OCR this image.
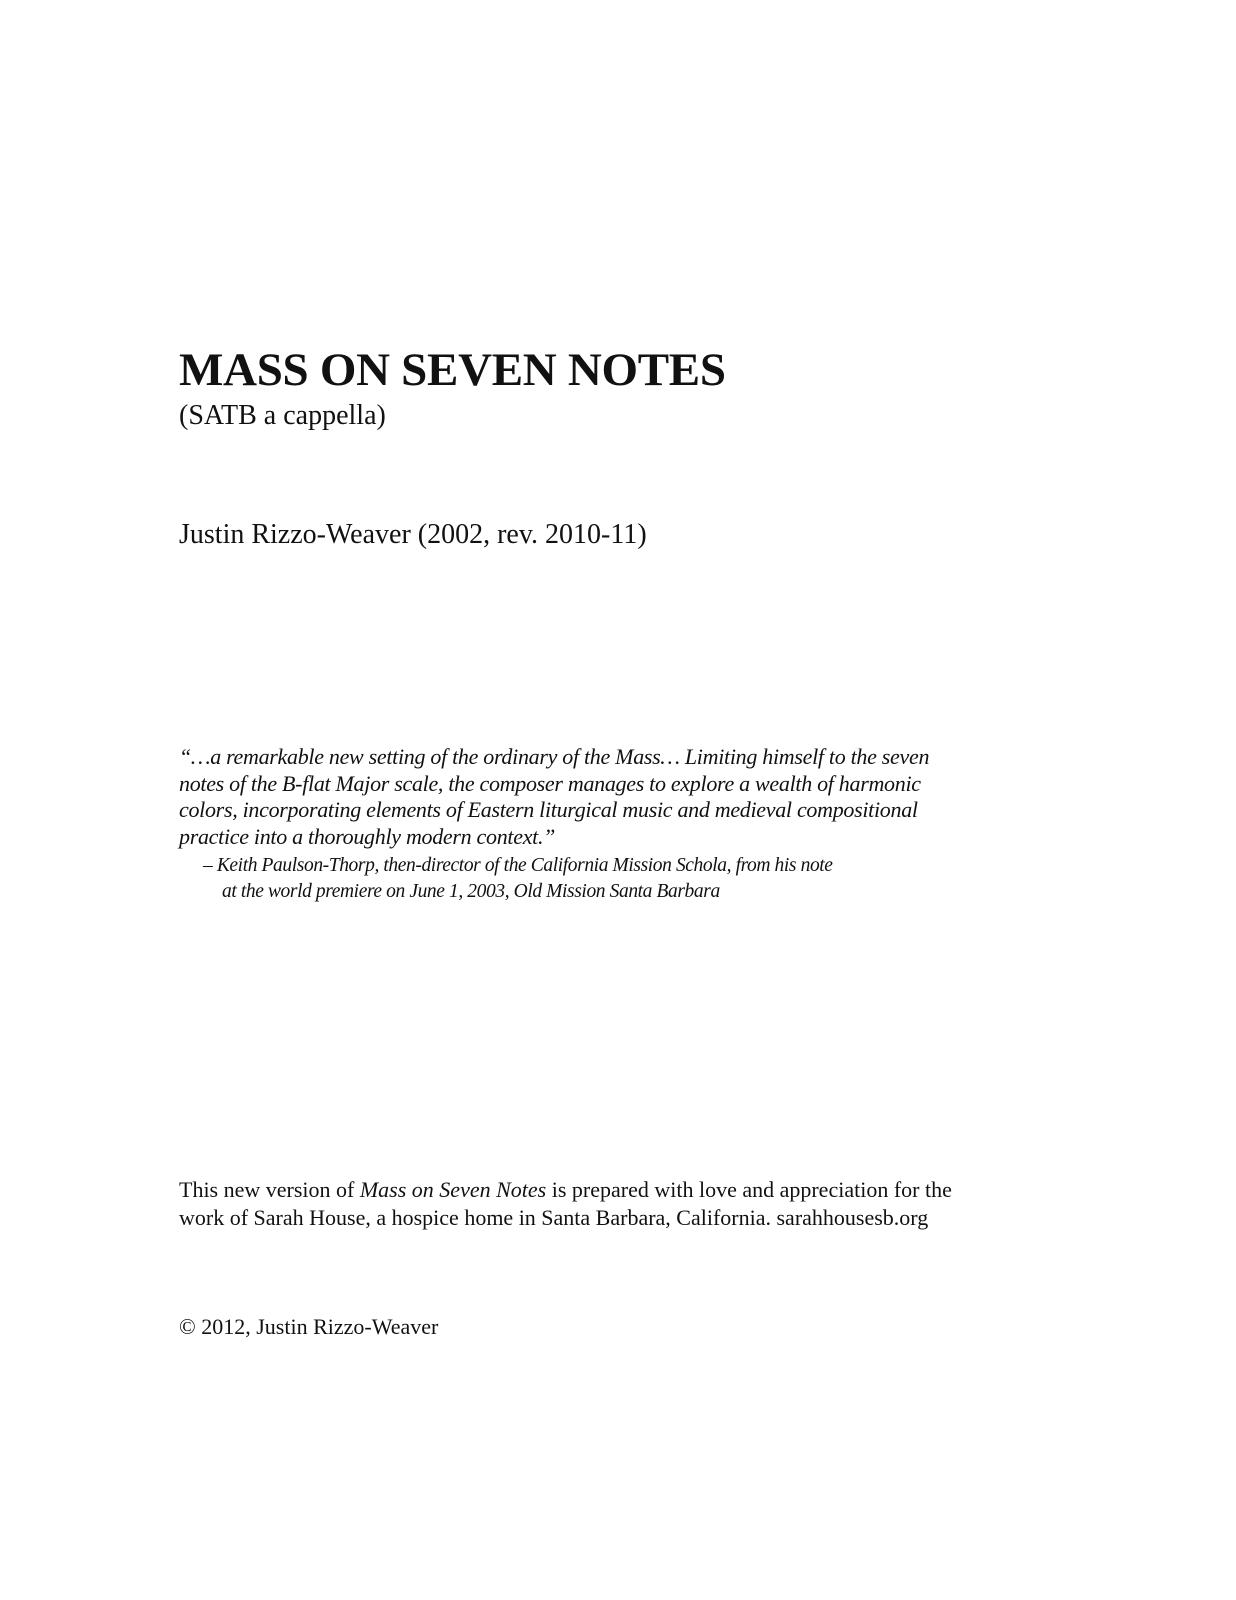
MASS ON SEVEN NOTES
(SATB a cappella)
Justin Rizzo-Weaver (2002, rev. 2010-11)
“…a remarkable new setting of the ordinary of the Mass… Limiting himself to the seven
notes of the B-flat Major scale, the composer manages to explore a wealth of harmonic
colors, incorporating elements of Eastern liturgical music and medieval compositional
practice into a thoroughly modern context.”
– Keith Paulson-Thorp, then-director of the California Mission Schola, from his note
at the world premiere on June 1, 2003, Old Mission Santa Barbara
This new version of Mass on Seven Notes is prepared with love and appreciation for the
work of Sarah House, a hospice home in Santa Barbara, California. sarahhousesb.org
© 2012, Justin Rizzo-Weaver
